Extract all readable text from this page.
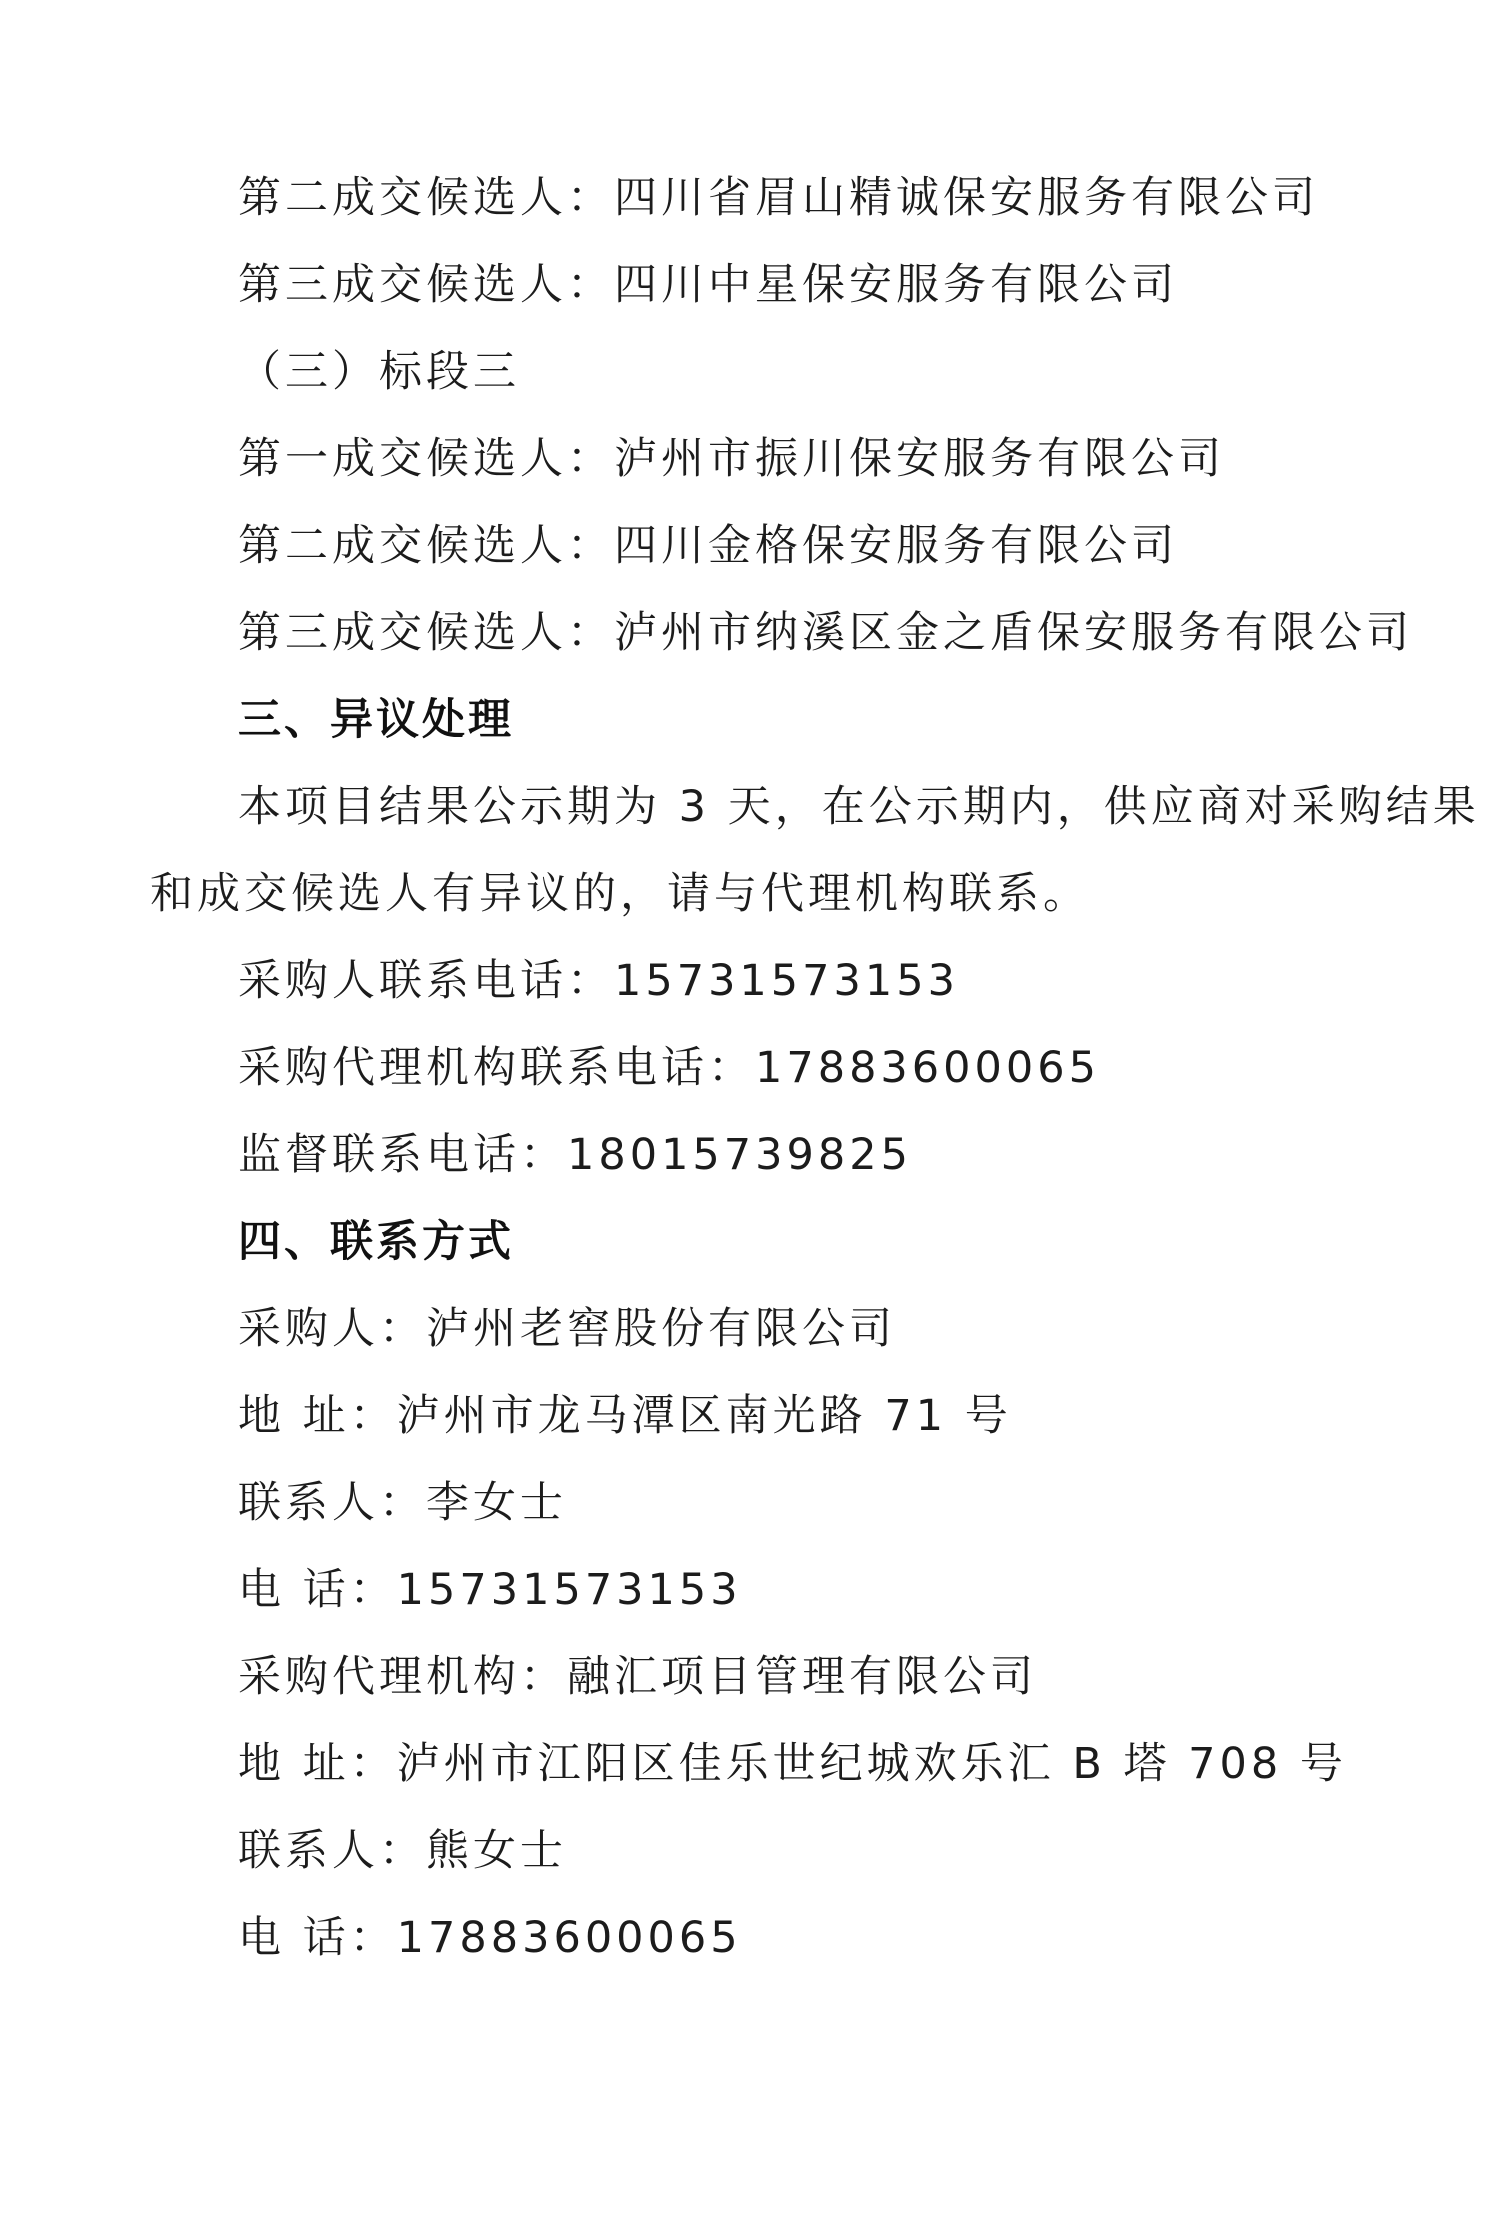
第二成交候选人：四川省眉山精诚保安服务有限公司
第三成交候选人：四川中星保安服务有限公司
（三）标段三
第一成交候选人：泸州市振川保安服务有限公司
第二成交候选人：四川金格保安服务有限公司
第三成交候选人：泸州市纳溪区金之盾保安服务有限公司
三、异议处理
本项目结果公示期为 3 天，在公示期内，供应商对采购结果
和成交候选人有异议的，请与代理机构联系。
采购人联系电话：15731573153
采购代理机构联系电话：17883600065
监督联系电话：18015739825
四、联系方式
采购人：泸州老窖股份有限公司
地 址：泸州市龙马潭区南光路 71 号
联系人：李女士
电 话：15731573153
采购代理机构：融汇项目管理有限公司
地 址：泸州市江阳区佳乐世纪城欢乐汇 B 塔 708 号
联系人：熊女士
电 话：17883600065
